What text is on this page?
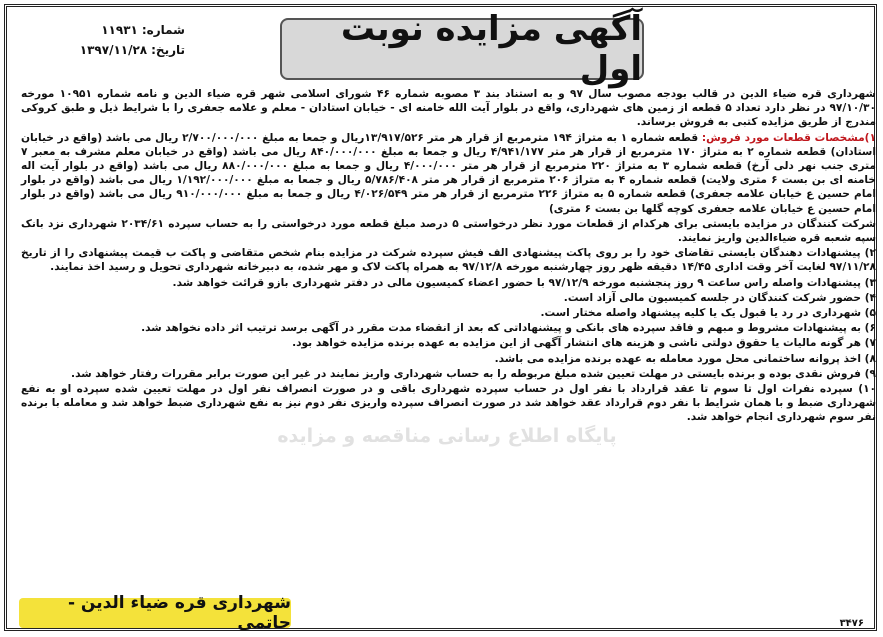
شماره:
۱۱۹۳۱
تاریخ:
۱۳۹۷/۱۱/۲۸
آگهی مزایده نوبت اول
پایگاه اطلاع رسانی مناقصه و مزایده

شهرداری قره ضیاء الدین در قالب بودجه مصوب سال ۹۷ و به استناد بند ۳ مصوبه شماره ۴۶ شورای اسلامی شهر قره ضیاء الدین و نامه شماره ۱۰۹۵۱ مورخه ۹۷/۱۰/۳۰ در نظر دارد تعداد ۵ قطعه از زمین های شهرداری، واقع در بلوار آیت الله خامنه ای - خیابان استادان - معلم و علامه جعفری را با شرایط ذیل و طبق کروکی مندرج از طریق مزایده کتبی به فروش برساند.

۱)مشخصات قطعات مورد فروش: قطعه شماره ۱ به متراژ ۱۹۴ مترمربع از قرار هر متر ۱۳/۹۱۷/۵۲۶ریال و جمعا به مبلغ ۲/۷۰۰/۰۰۰/۰۰۰ ریال می باشد (واقع در خیابان استادان) قطعه شماره ۲ به متراژ ۱۷۰ مترمربع از قرار هر متر ۴/۹۴۱/۱۷۷ ریال و جمعا به مبلغ ۸۴۰/۰۰۰/۰۰۰ ریال می باشد (واقع در خیابان معلم مشرف به معبر ۷ متری جنب نهر دلی آرخ) قطعه شماره ۳ به متراژ ۲۲۰ مترمربع از قرار هر متر ۴/۰۰۰/۰۰۰ ریال و جمعا به مبلغ ۸۸۰/۰۰۰/۰۰۰ ریال می باشد (واقع در بلوار آیت اله خامنه ای بن بست ۶ متری ولایت) قطعه شماره ۴ به متراژ ۲۰۶ مترمربع از قرار هر متر ۵/۷۸۶/۴۰۸ ریال و جمعا به مبلغ ۱/۱۹۲/۰۰۰/۰۰۰ ریال می باشد (واقع در بلوار امام حسین ع خیابان علامه جعفری) قطعه شماره ۵ به متراژ ۲۲۶ مترمربع از قرار هر متر ۴/۰۲۶/۵۴۹ ریال و جمعا به مبلغ ۹۱۰/۰۰۰/۰۰۰ ریال می باشد (واقع در بلوار امام حسین ع خیابان علامه جعفری کوچه گلها بن بست ۶ متری)

شرکت کنندگان در مزایده بایستی برای هرکدام از قطعات مورد نظر درخواستی ۵ درصد مبلغ قطعه مورد درخواستی را به حساب سپرده ۲۰۳۴/۶۱ شهرداری نزد بانک سپه شعبه قره ضیاءالدین واریز نمایند.

۲) پیشنهادات دهندگان بایستی تقاضای خود را بر روی پاکت پیشنهادی الف فیش سپرده شرکت در مزایده بنام شخص متقاضی و پاکت ب قیمت پیشنهادی را از تاریخ ۹۷/۱۱/۲۸ لغایت آخر وقت اداری ۱۴/۴۵ دقیقه ظهر روز چهارشنبه مورخه ۹۷/۱۲/۸ به همراه پاکت لاک و مهر شده، به دبیرخانه شهرداری تحویل و رسید اخذ نمایند.

۳) پیشنهادات واصله راس ساعت ۹ روز پنجشنبه مورخه ۹۷/۱۲/۹ با حضور اعضاء کمیسیون مالی در دفتر شهرداری بازو قرائت خواهد شد.

۴) حضور شرکت کنندگان در جلسه کمیسیون مالی آزاد است.

۵) شهرداری در رد یا قبول یک یا کلیه پیشنهاد واصله مختار است.

۶) به پیشنهادات مشروط و مبهم و فاقد سپرده های بانکی و پیشنهاداتی که بعد از انقضاء مدت مقرر در آگهی برسد ترتیب اثر داده نخواهد شد.

۷) هر گونه مالیات یا حقوق دولتی ناشی و هزینه های انتشار آگهی از این مزایده به عهده برنده مزایده خواهد بود.

۸) اخذ پروانه ساختمانی محل مورد معامله به عهده برنده مزایده می باشد.

۹) فروش نقدی بوده و برنده بایستی در مهلت تعیین شده مبلغ مربوطه را به حساب شهرداری واریز نمایند در غیر این صورت برابر مقررات رفتار خواهد شد.

۱۰) سپرده نفرات اول تا سوم تا عقد قرارداد با نفر اول در حساب سپرده شهرداری باقی و در صورت انصراف نفر اول در مهلت تعیین شده سپرده او به نفع شهرداری ضبط و با همان شرایط با نفر دوم قرارداد عقد خواهد شد در صورت انصراف سپرده واریزی نفر دوم نیز به نفع شهرداری ضبط خواهد شد و معامله با برنده نفر سوم شهرداری انجام خواهد شد.

شهرداری قره ضیاء الدین - حاتمی	۳۴۷۶
